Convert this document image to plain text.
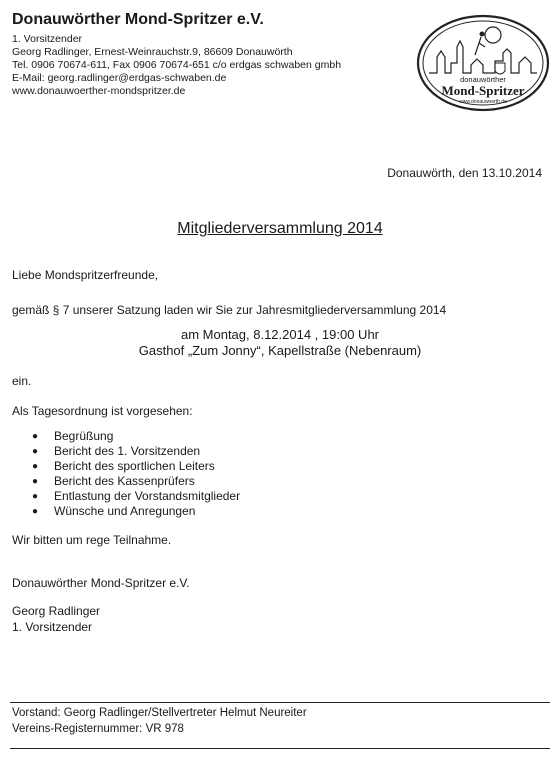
Donauwörther Mond-Spritzer e.V.
1. Vorsitzender
Georg Radlinger, Ernest-Weinrauchstr.9, 86609 Donauwörth
Tel. 0906 70674-611, Fax 0906 70674-651 c/o erdgas schwaben gmbh
E-Mail: georg.radlinger@erdgas-schwaben.de
www.donauwoerther-mondspritzer.de
donauwörther
Mond-Spritzer
www.donauwoerth.de
Donauwörth, den 13.10.2014
Mitgliederversammlung 2014
Liebe Mondspritzerfreunde,
gemäß § 7 unserer Satzung laden wir Sie zur Jahresmitgliederversammlung 2014
am Montag, 8.12.2014 , 19:00 Uhr
Gasthof „Zum Jonny“, Kapellstraße (Nebenraum)
ein.
Als Tagesordnung ist vorgesehen:
●	Begrüßung
●	Bericht des 1. Vorsitzenden
●	Bericht des sportlichen Leiters
●	Bericht des Kassenprüfers
●	Entlastung der Vorstandsmitglieder
●	Wünsche und Anregungen
Wir bitten um rege Teilnahme.
Donauwörther Mond-Spritzer e.V.
Georg Radlinger
1. Vorsitzender
Vorstand: Georg Radlinger/Stellvertreter Helmut Neureiter
Vereins-Registernummer: VR 978
